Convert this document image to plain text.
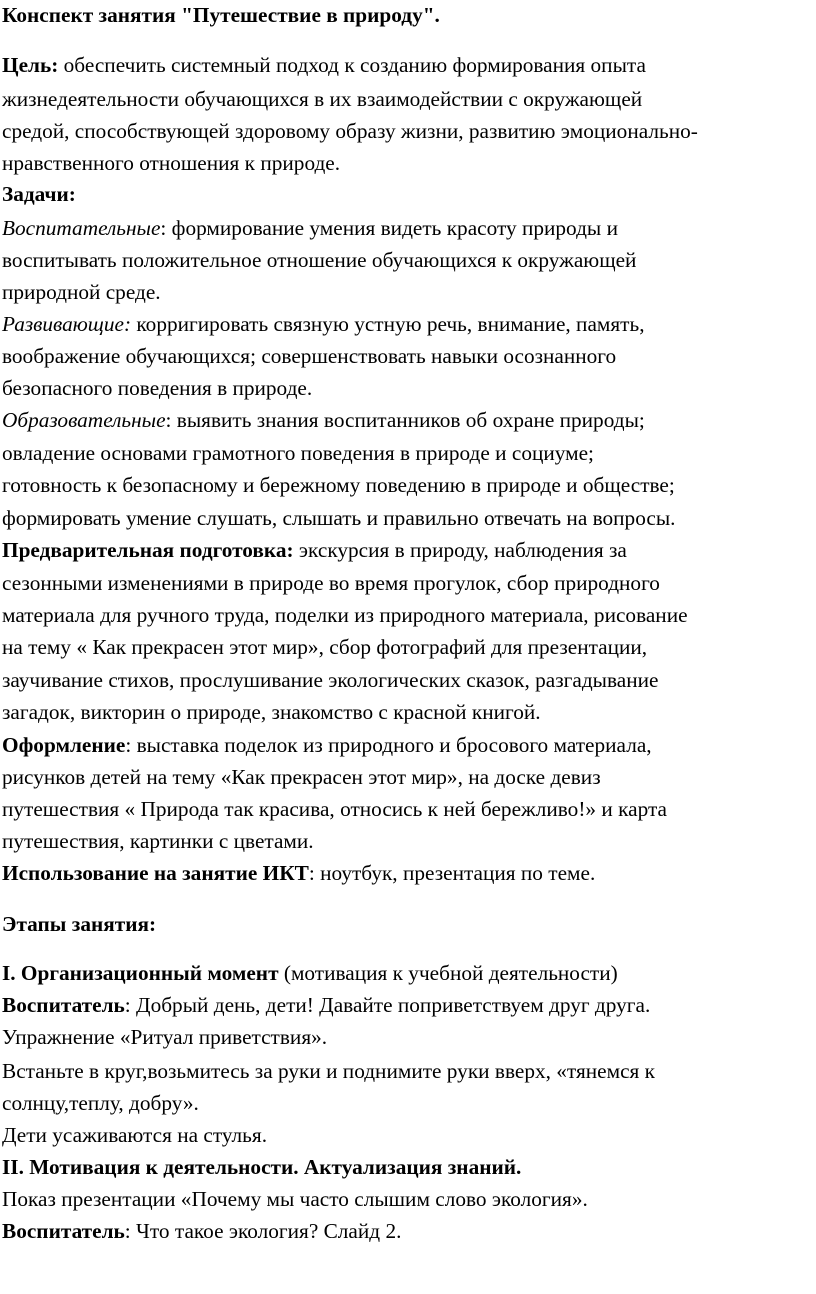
Конспект занятия "Путешествие в природу".
Цель: обеспечить системный подход к созданию формирования опыта
жизнедеятельности обучающихся в их взаимодействии с окружающей
средой, способствующей здоровому образу жизни, развитию эмоционально-
нравственного отношения к природе.
Задачи:
Воспитательные: формирование умения видеть красоту природы и
воспитывать положительное отношение обучающихся к окружающей
природной среде.
Развивающие: корригировать связную устную речь, внимание, память,
воображение обучающихся; совершенствовать навыки осознанного
безопасного поведения в природе.
Образовательные: выявить знания воспитанников об охране природы;
овладение основами грамотного поведения в природе и социуме;
готовность к безопасному и бережному поведению в природе и обществе;
формировать умение слушать, слышать и правильно отвечать на вопросы.
Предварительная подготовка: экскурсия в природу, наблюдения за
сезонными изменениями в природе во время прогулок, сбор природного
материала для ручного труда, поделки из природного материала, рисование
на тему « Как прекрасен этот мир», сбор фотографий для презентации,
заучивание стихов, прослушивание экологических сказок, разгадывание
загадок, викторин о природе, знакомство с красной книгой.
Оформление: выставка поделок из природного и бросового материала,
рисунков детей на тему «Как прекрасен этот мир», на доске девиз
путешествия « Природа так красива, относись к ней бережливо!» и карта
путешествия, картинки с цветами.
Использование на занятие ИКТ: ноутбук, презентация по теме.
Этапы занятия:
I. Организационный момент (мотивация к учебной деятельности)
Воспитатель: Добрый день, дети! Давайте поприветствуем друг друга.
Упражнение «Ритуал приветствия».
Встаньте в круг,возьмитесь за руки и поднимите руки вверх, «тянемся к
солнцу,теплу, добру».
Дети усаживаются на стулья.
II. Мотивация к деятельности. Актуализация знаний.
Показ презентации «Почему мы часто слышим слово экология».
Воспитатель: Что такое экология? Слайд 2.
